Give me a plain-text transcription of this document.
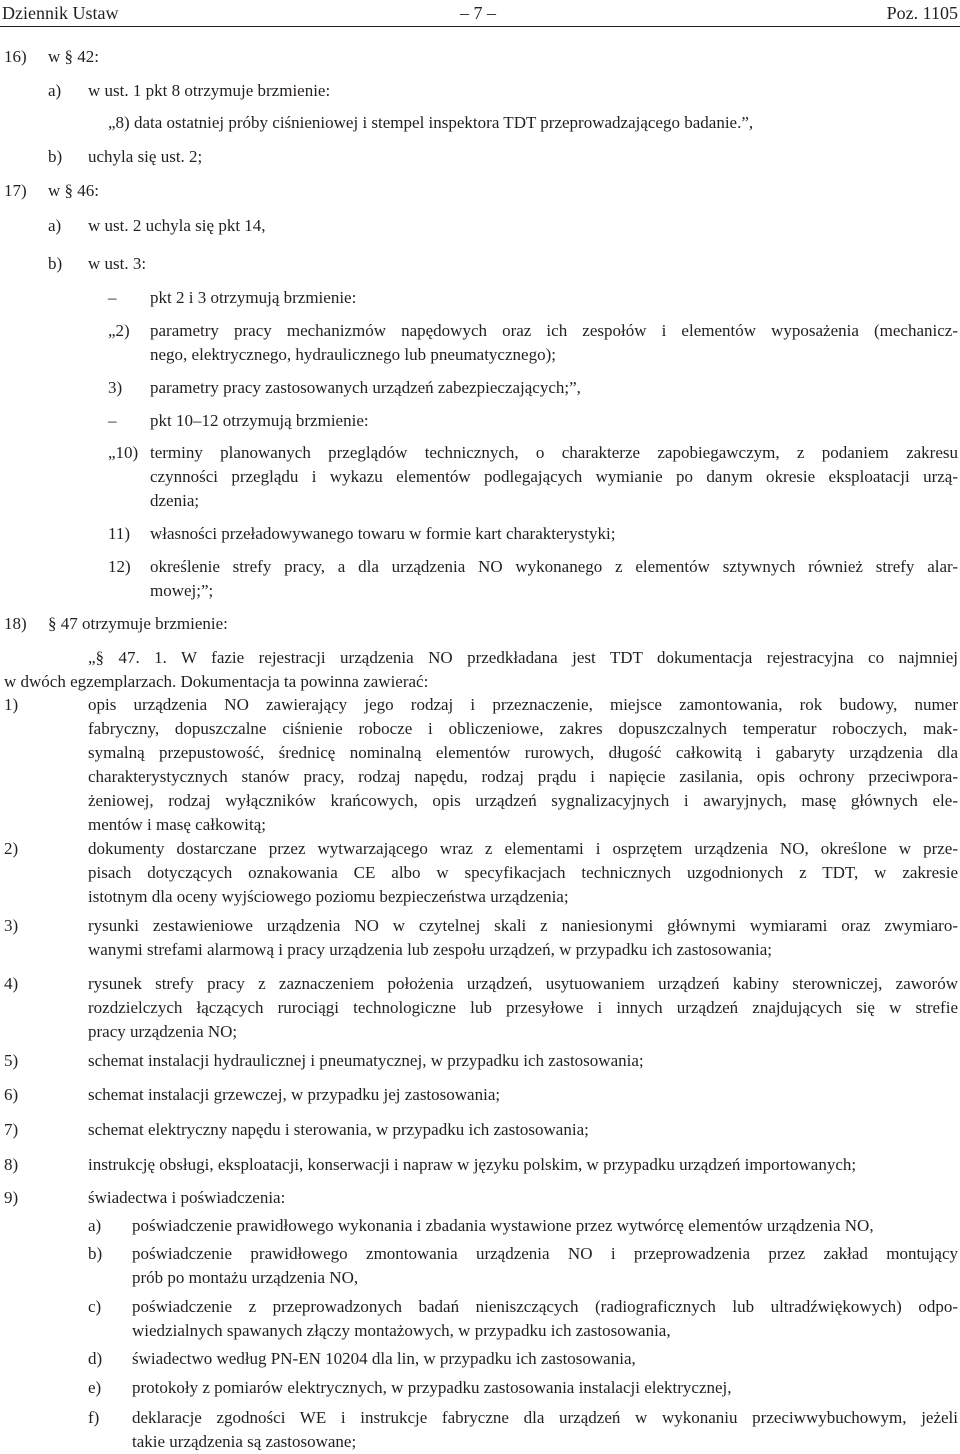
Dziennik Ustaw	– 7 –	Poz. 1105
16) w § 42:
a) w ust. 1 pkt 8 otrzymuje brzmienie:
„8) data ostatniej próby ciśnieniowej i stempel inspektora TDT przeprowadzającego badanie.”,
b) uchyla się ust. 2;
17) w § 46:
a) w ust. 2 uchyla się pkt 14,
b) w ust. 3:
– pkt 2 i 3 otrzymują brzmienie:
„2) parametry pracy mechanizmów napędowych oraz ich zespołów i elementów wyposażenia (mechanicz-
nego, elektrycznego, hydraulicznego lub pneumatycznego);
3) parametry pracy zastosowanych urządzeń zabezpieczających;”,
– pkt 10–12 otrzymują brzmienie:
„10) terminy planowanych przeglądów technicznych, o charakterze zapobiegawczym, z podaniem zakresu
czynności przeglądu i wykazu elementów podlegających wymianie po danym okresie eksploatacji urzą-
dzenia;
11) własności przeładowywanego towaru w formie kart charakterystyki;
12) określenie strefy pracy, a dla urządzenia NO wykonanego z elementów sztywnych również strefy alar-
mowej;”;
18) § 47 otrzymuje brzmienie:
„§ 47. 1. W fazie rejestracji urządzenia NO przedkładana jest TDT dokumentacja rejestracyjna co najmniej
w dwóch egzemplarzach. Dokumentacja ta powinna zawierać:
1)	opis urządzenia NO zawierający jego rodzaj i przeznaczenie, miejsce zamontowania, rok budowy, numer
fabryczny, dopuszczalne ciśnienie robocze i obliczeniowe, zakres dopuszczalnych temperatur roboczych, mak-
symalną przepustowość, średnicę nominalną elementów rurowych, długość całkowitą i gabaryty urządzenia dla
charakterystycznych stanów pracy, rodzaj napędu, rodzaj prądu i napięcie zasilania, opis ochrony przeciwpora-
żeniowej, rodzaj wyłączników krańcowych, opis urządzeń sygnalizacyjnych i awaryjnych, masę głównych ele-
mentów i masę całkowitą;
2)	dokumenty dostarczane przez wytwarzającego wraz z elementami i osprzętem urządzenia NO, określone w prze-
pisach dotyczących oznakowania CE albo w specyfikacjach technicznych uzgodnionych z TDT, w zakresie
istotnym dla oceny wyjściowego poziomu bezpieczeństwa urządzenia;
3)	rysunki zestawieniowe urządzenia NO w czytelnej skali z naniesionymi głównymi wymiarami oraz zwymiaro-
wanymi strefami alarmową i pracy urządzenia lub zespołu urządzeń, w przypadku ich zastosowania;
4)	rysunek strefy pracy z zaznaczeniem położenia urządzeń, usytuowaniem urządzeń kabiny sterowniczej, zaworów
rozdzielczych łączących rurociągi technologiczne lub przesyłowe i innych urządzeń znajdujących się w strefie
pracy urządzenia NO;
5)	schemat instalacji hydraulicznej i pneumatycznej, w przypadku ich zastosowania;
6)	schemat instalacji grzewczej, w przypadku jej zastosowania;
7)	schemat elektryczny napędu i sterowania, w przypadku ich zastosowania;
8)	instrukcję obsługi, eksploatacji, konserwacji i napraw w języku polskim, w przypadku urządzeń importowanych;
9)	świadectwa i poświadczenia:
a) poświadczenie prawidłowego wykonania i zbadania wystawione przez wytwórcę elementów urządzenia NO,
b) poświadczenie prawidłowego zmontowania urządzenia NO i przeprowadzenia przez zakład montujący
prób po montażu urządzenia NO,
c) poświadczenie z przeprowadzonych badań nieniszczących (radiograficznych lub ultradźwiękowych) odpo-
wiedzialnych spawanych złączy montażowych, w przypadku ich zastosowania,
d) świadectwo według PN-EN 10204 dla lin, w przypadku ich zastosowania,
e) protokoły z pomiarów elektrycznych, w przypadku zastosowania instalacji elektrycznej,
f) deklaracje zgodności WE i instrukcje fabryczne dla urządzeń w wykonaniu przeciwwybuchowym, jeżeli
takie urządzenia są zastosowane;
